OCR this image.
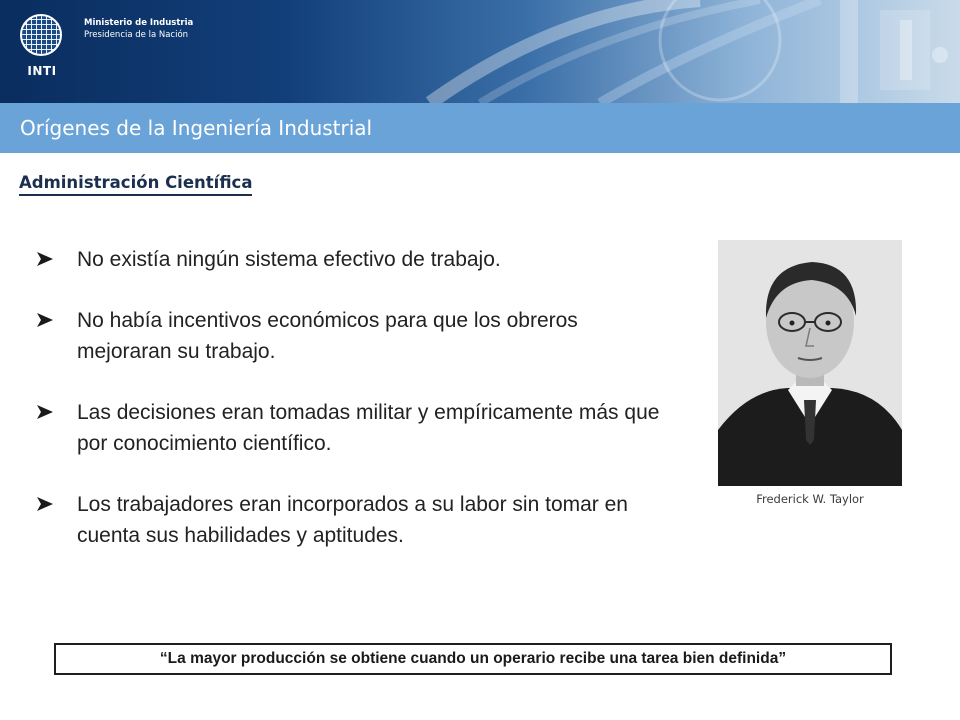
INTI
Ministerio de Industria
Presidencia de la Nación
Orígenes de la Ingeniería Industrial
Administración Científica
No existía ningún sistema efectivo de trabajo.
No había incentivos económicos para que los obreros mejoraran su trabajo.
Las decisiones eran tomadas militar y empíricamente más que por conocimiento científico.
Los trabajadores eran incorporados a su labor sin tomar en cuenta sus habilidades y aptitudes.
Frederick W. Taylor
“La mayor producción se obtiene cuando un operario recibe una tarea bien definida”
